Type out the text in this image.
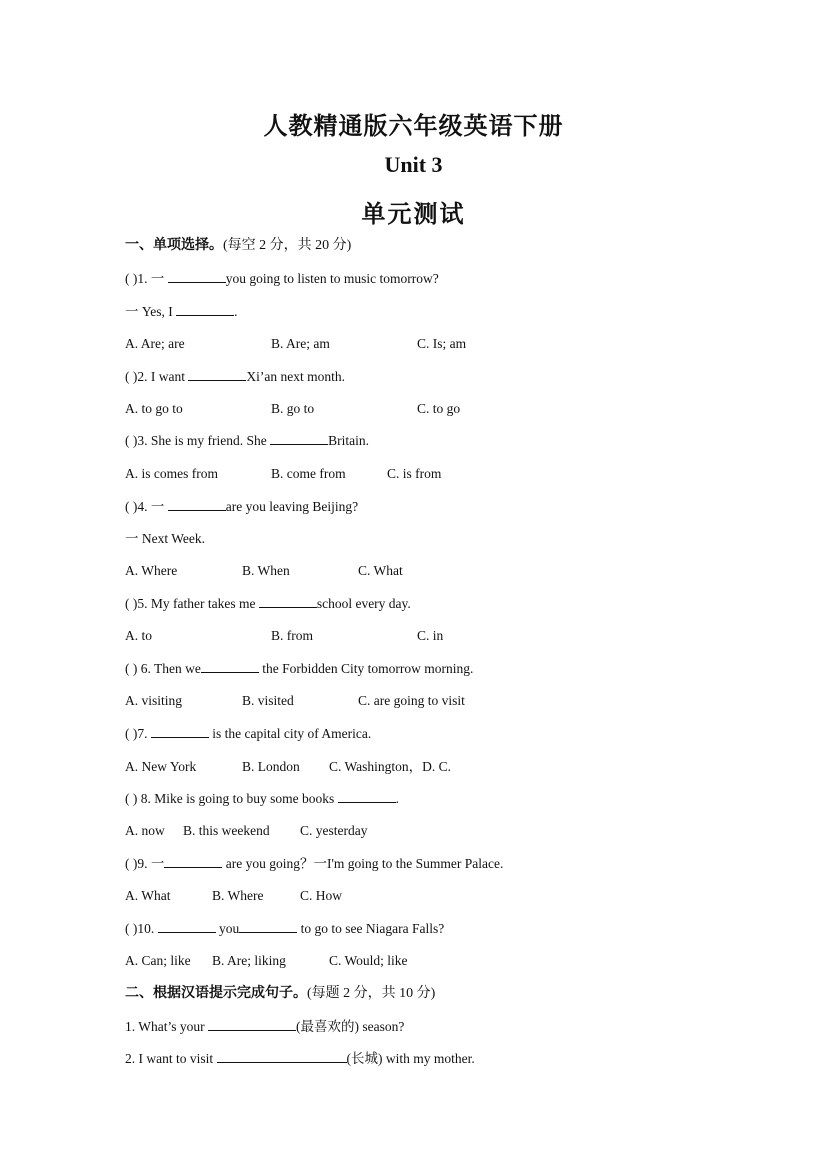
人教精通版六年级英语下册
Unit 3
单元测试
一、单项选择。(每空 2 分，共 20 分)
( )1. 一	you going to listen to music tomorrow?
一 Yes, I	.
A. Are; are	B. Are; am	C. Is; am
( )2. I want	Xi’an next month.
A. to go to	B. go to	C. to go
( )3. She is my friend. She	Britain.
A. is comes from	B. come from	C. is from
( )4. 一	are you leaving Beijing?
一 Next Week.
A. Where	B. When	C. What
( )5. My father takes me	school every day.
A. to	B. from	C. in
( ) 6. Then we	the Forbidden City tomorrow morning.
A. visiting	B. visited	C. are going to visit
( )7.	is the capital city of America.
A. New York	B. London C. Washington，D. C.
( ) 8. Mike is going to buy some books	.
A. now B. this weekend C. yesterday
( )9. 一	are you going？一I'm going to the Summer Palace.
A. What	B. Where	C. How
( )10.	you	to go to see Niagara Falls?
A. Can; like B. Are; liking	C. Would; like
二、根据汉语提示完成句子。(每题 2 分，共 10 分)
1. What’s your	(最喜欢的) season?
2. I want to visit	(长城) with my mother.
